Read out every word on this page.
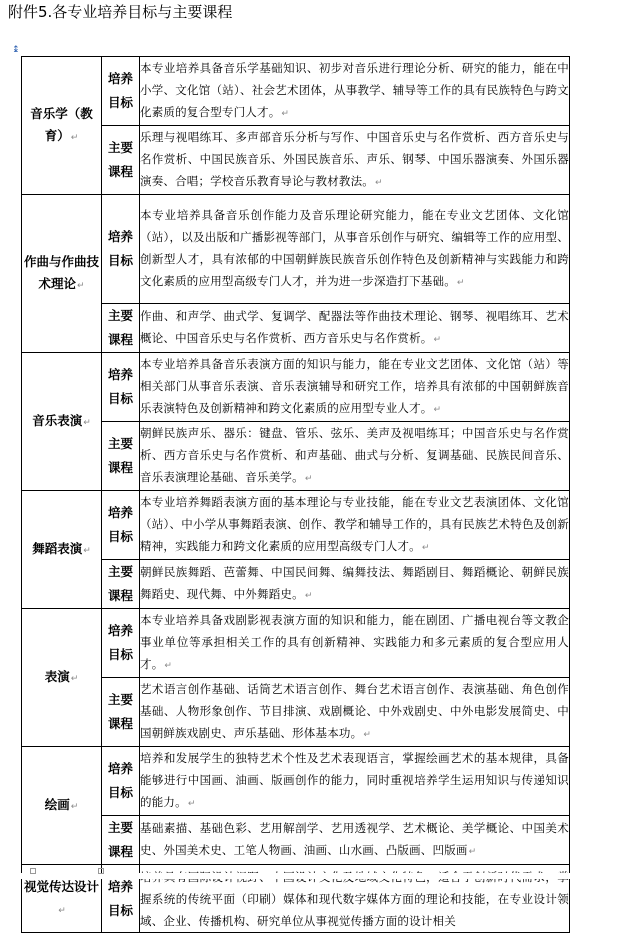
附件5.各专业培养目标与主要课程
↨
音乐学（教育）↵	培养目标	本专业培养具备音乐学基础知识、初步对音乐进行理论分析、研究的能力，能在中小学、文化馆（站）、社会艺术团体，从事教学、辅导等工作的具有民族特色与跨文化素质的复合型专门人才。↵
	主要课程	乐理与视唱练耳、多声部音乐分析与写作、中国音乐史与名作赏析、西方音乐史与名作赏析、中国民族音乐、外国民族音乐、声乐、钢琴、中国乐器演奏、外国乐器演奏、合唱；学校音乐教育导论与教材教法。↵
作曲与作曲技术理论↵	培养目标	本专业培养具备音乐创作能力及音乐理论研究能力，能在专业文艺团体、文化馆（站），以及出版和广播影视等部门，从事音乐创作与研究、编辑等工作的应用型、创新型人才，具有浓郁的中国朝鲜族民族音乐创作特色及创新精神与实践能力和跨文化素质的应用型高级专门人才，并为进一步深造打下基础。↵
	主要课程	作曲、和声学、曲式学、复调学、配器法等作曲技术理论、钢琴、视唱练耳、艺术概论、中国音乐史与名作赏析、西方音乐史与名作赏析。↵
音乐表演↵	培养目标	本专业培养具备音乐表演方面的知识与能力，能在专业文艺团体、文化馆（站）等相关部门从事音乐表演、音乐表演辅导和研究工作，培养具有浓郁的中国朝鲜族音乐表演特色及创新精神和跨文化素质的应用型专业人才。↵
	主要课程	朝鲜民族声乐、器乐：键盘、管乐、弦乐、美声及视唱练耳；中国音乐史与名作赏析、西方音乐史与名作赏析、和声基础、曲式与分析、复调基础、民族民间音乐、音乐表演理论基础、音乐美学。↵
舞蹈表演↵	培养目标	本专业培养舞蹈表演方面的基本理论与专业技能，能在专业文艺表演团体、文化馆（站）、中小学从事舞蹈表演、创作、教学和辅导工作的，具有民族艺术特色及创新精神，实践能力和跨文化素质的应用型高级专门人才。↵
	主要课程	朝鲜民族舞蹈、芭蕾舞、中国民间舞、编舞技法、舞蹈剧目、舞蹈概论、朝鲜民族舞蹈史、现代舞、中外舞蹈史。↵
表演↵	培养目标	本专业培养具备戏剧影视表演方面的知识和能力，能在剧团、广播电视台等文教企事业单位等承担相关工作的具有创新精神、实践能力和多元素质的复合型应用人才。↵
	主要课程	艺术语言创作基础、话筒艺术语言创作、舞台艺术语言创作、表演基础、角色创作基础、人物形象创作、节目排演、戏剧概论、中外戏剧史、中外电影发展简史、中国朝鲜族戏剧史、声乐基础、形体基本功。↵
绘画↵	培养目标	培养和发展学生的独特艺术个性及艺术表现语言，掌握绘画艺术的基本规律，具备能够进行中国画、油画、版画创作的能力，同时重视培养学生运用知识与传递知识的能力。↵
	主要课程	基础素描、基础色彩、艺用解剖学、艺用透视学、艺术概论、美学概论、中国美术史、外国美术史、工笔人物画、油画、山水画、凸版画、凹版画↵
视觉传达设计↵	培养目标	握系统的传统平面（印刷）媒体和现代数字媒体方面的理论和技能，在专业设计领域、企业、传播机构、研究单位从事视觉传播方面的设计相关
